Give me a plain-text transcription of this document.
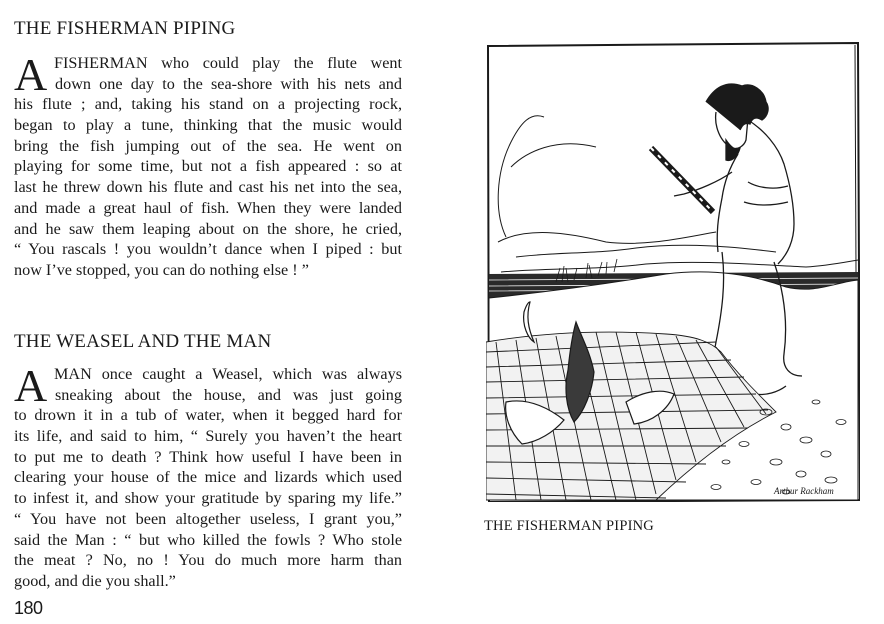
THE FISHERMAN PIPING
A FISHERMAN who could play the flute went
down one day to the sea-shore with his nets and
his flute ; and, taking his stand on a projecting rock,
began to play a tune, thinking that the music would
bring the fish jumping out of the sea. He went on
playing for some time, but not a fish appeared : so at
last he threw down his flute and cast his net into the sea,
and made a great haul of fish. When they were landed
and he saw them leaping about on the shore, he cried,
“ You rascals ! you wouldn’t dance when I piped : but
now I’ve stopped, you can do nothing else ! ”
THE WEASEL AND THE MAN
A MAN once caught a Weasel, which was always
sneaking about the house, and was just going
to drown it in a tub of water, when it begged hard for
its life, and said to him, “ Surely you haven’t the heart
to put me to death ? Think how useful I have been in
clearing your house of the mice and lizards which used
to infest it, and show your gratitude by sparing my life.”
“ You have not been altogether useless, I grant you,”
said the Man : “ but who killed the fowls ? Who stole
the meat ? No, no ! You do much more harm than
good, and die you shall.”
180
Arthur Rackham
THE FISHERMAN PIPING
